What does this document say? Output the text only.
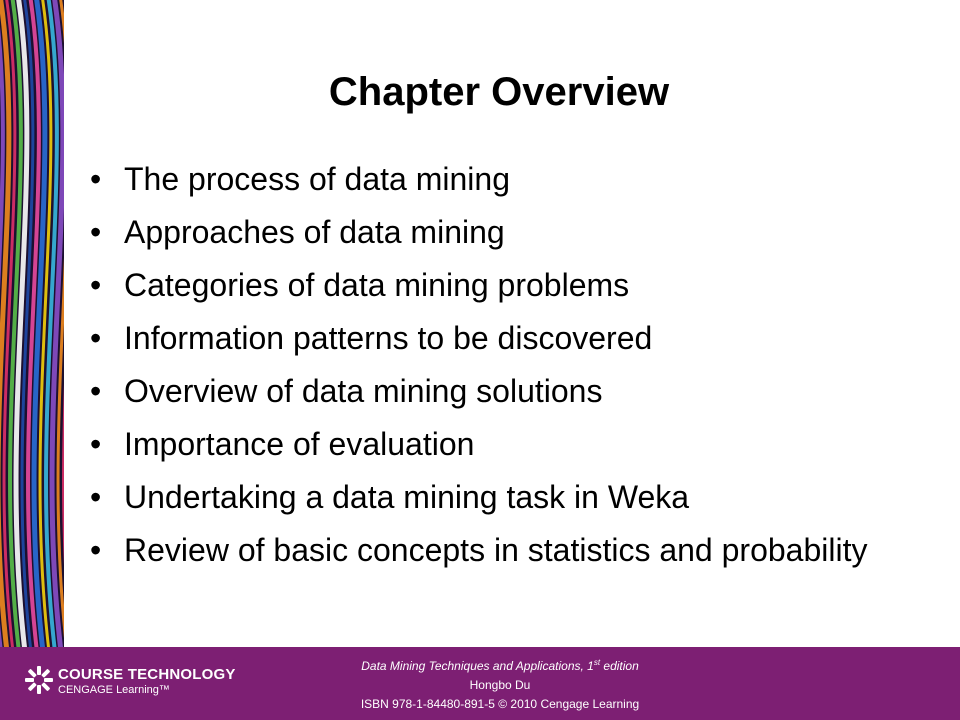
Chapter Overview
• The process of data mining
• Approaches of data mining
• Categories of data mining problems
• Information patterns to be discovered
• Overview of data mining solutions
• Importance of evaluation
• Undertaking a data mining task in Weka
• Review of basic concepts in statistics and probability
COURSE TECHNOLOGY
CENGAGE Learning™
Data Mining Techniques and Applications, 1st edition
Hongbo Du
ISBN 978-1-84480-891-5 © 2010 Cengage Learning
